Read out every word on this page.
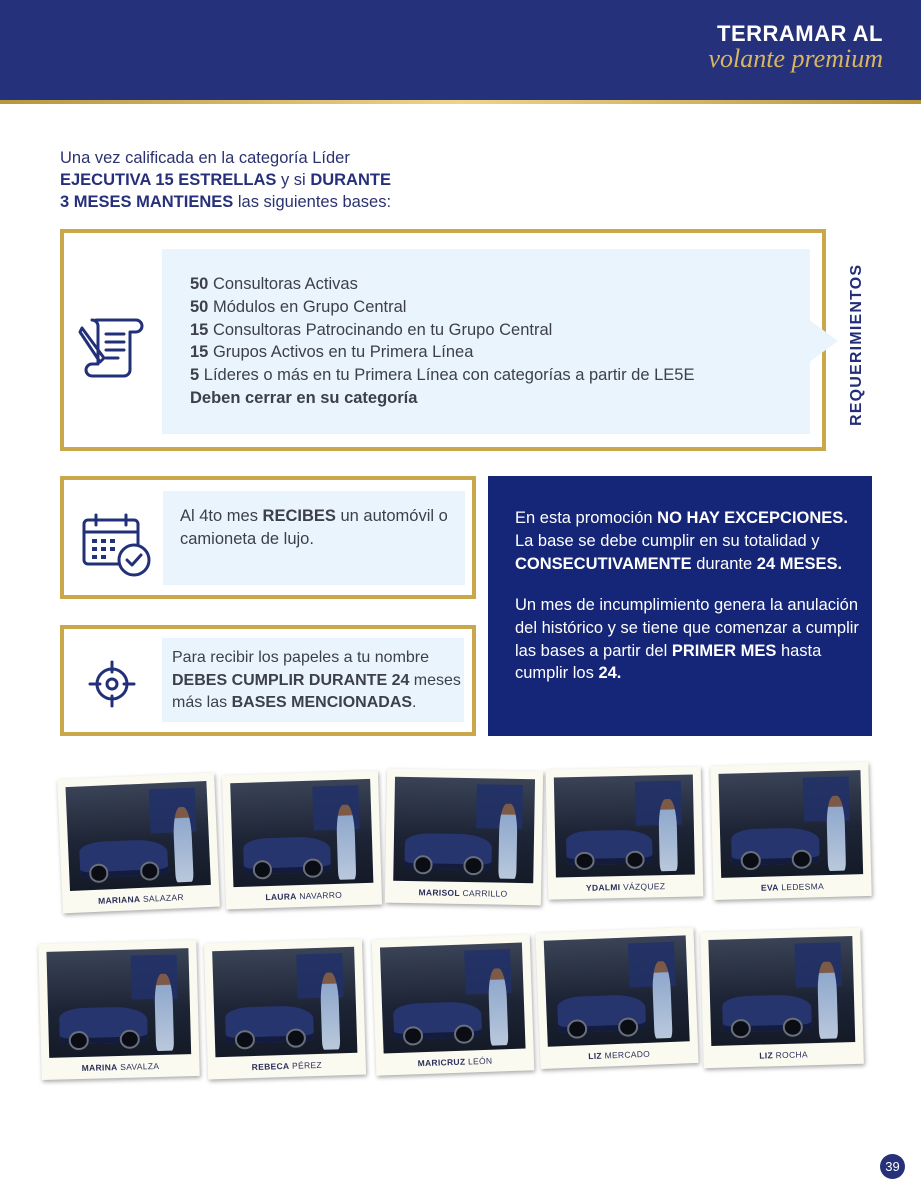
TERRAMAR AL
volante premium
Una vez calificada en la categoría Líder
EJECUTIVA 15 ESTRELLAS y si DURANTE
3 MESES MANTIENES las siguientes bases:
50 Consultoras Activas
50 Módulos en Grupo Central
15 Consultoras Patrocinando en tu Grupo Central
15 Grupos Activos en tu Primera Línea
5 Líderes o más en tu Primera Línea con categorías a partir de LE5E
Deben cerrar en su categoría	REQUERIMIENTOS
Al 4to mes RECIBES un automóvil o camioneta de lujo.
Para recibir los papeles a tu nombre DEBES CUMPLIR DURANTE 24 meses más las BASES MENCIONADAS.
En esta promoción NO HAY EXCEPCIONES. La base se debe cumplir en su totalidad y CONSECUTIVAMENTE durante 24 MESES.
Un mes de incumplimiento genera la anulación del histórico y se tiene que comenzar a cumplir las bases a partir del PRIMER MES hasta cumplir los 24.
MARIANA SALAZAR	LAURA NAVARRO	MARISOL CARRILLO
YDALMI VÁZQUEZ	EVA LEDESMA
MARINA SAVALZA	REBECA PÉREZ	MARICRUZ LEÓN	LIZ MERCADO	LIZ ROCHA
39
